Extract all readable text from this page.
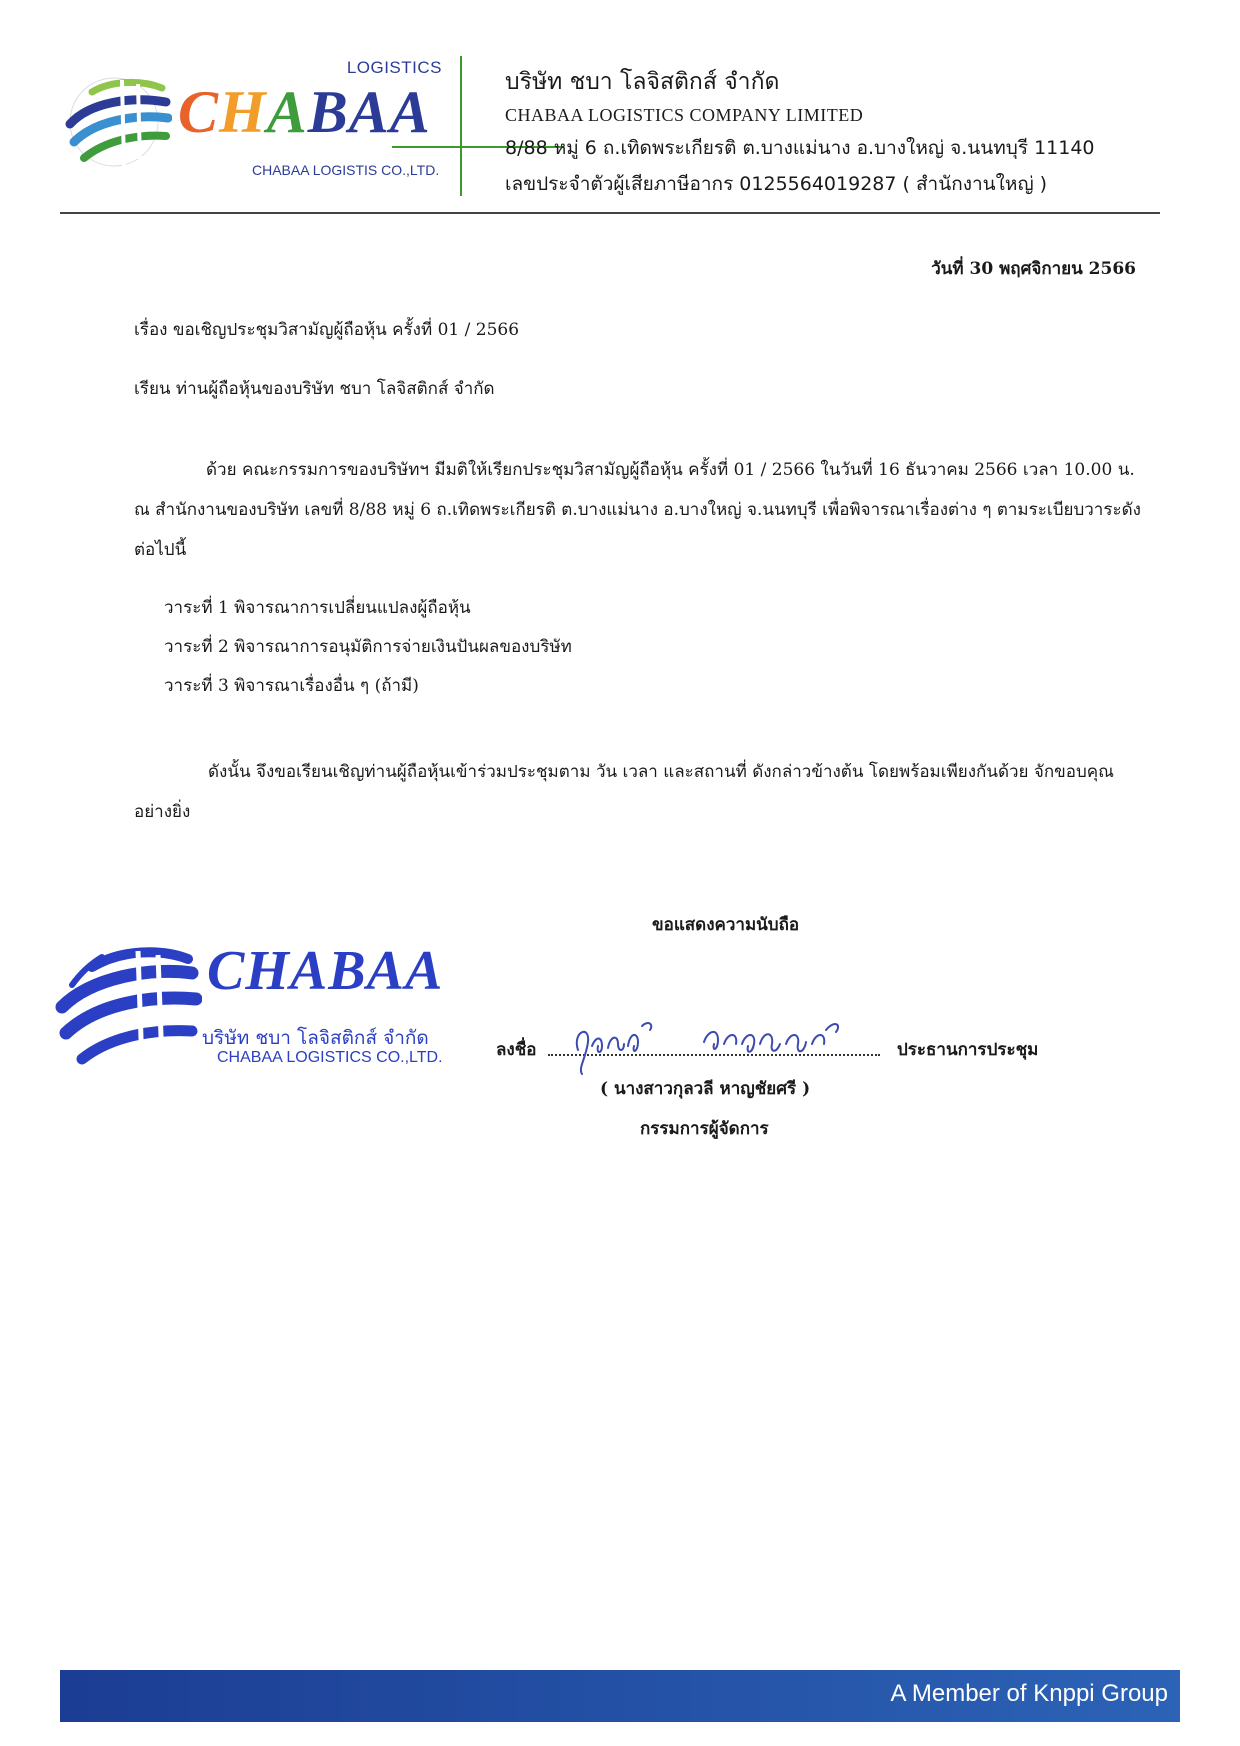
LOGISTICS
CHABAA
CHABAA LOGISTIS CO.,LTD.
บริษัท ชบา โลจิสติกส์ จำกัด
CHABAA LOGISTICS COMPANY LIMITED
8/88 หมู่ 6 ถ.เทิดพระเกียรติ ต.บางแม่นาง อ.บางใหญ่ จ.นนทบุรี 11140
เลขประจำตัวผู้เสียภาษีอากร 0125564019287 ( สำนักงานใหญ่ )
วันที่ 30 พฤศจิกายน 2566
เรื่อง ขอเชิญประชุมวิสามัญผู้ถือหุ้น ครั้งที่ 01 / 2566
เรียน ท่านผู้ถือหุ้นของบริษัท ชบา โลจิสติกส์ จำกัด
ด้วย คณะกรรมการของบริษัทฯ มีมติให้เรียกประชุมวิสามัญผู้ถือหุ้น ครั้งที่ 01 / 2566 ในวันที่ 16 ธันวาคม 2566 เวลา 10.00 น. ณ สำนักงานของบริษัท เลขที่ 8/88 หมู่ 6 ถ.เทิดพระเกียรติ ต.บางแม่นาง อ.บางใหญ่ จ.นนทบุรี เพื่อพิจารณาเรื่องต่าง ๆ ตามระเบียบวาระดังต่อไปนี้
วาระที่ 1 พิจารณาการเปลี่ยนแปลงผู้ถือหุ้น
วาระที่ 2 พิจารณาการอนุมัติการจ่ายเงินปันผลของบริษัท
วาระที่ 3 พิจารณาเรื่องอื่น ๆ (ถ้ามี)
ดังนั้น จึงขอเรียนเชิญท่านผู้ถือหุ้นเข้าร่วมประชุมตาม วัน เวลา และสถานที่ ดังกล่าวข้างต้น โดยพร้อมเพียงกันด้วย จักขอบคุณอย่างยิ่ง
ขอแสดงความนับถือ
CHABAA
บริษัท ชบา โลจิสติกส์ จำกัด
CHABAA LOGISTICS CO.,LTD.	ลงชื่อ
กุลวลี หาญชัยศรี
ประธานการประชุม
( นางสาวกุลวลี หาญชัยศรี )
กรรมการผู้จัดการ
A Member of Knppi Group
